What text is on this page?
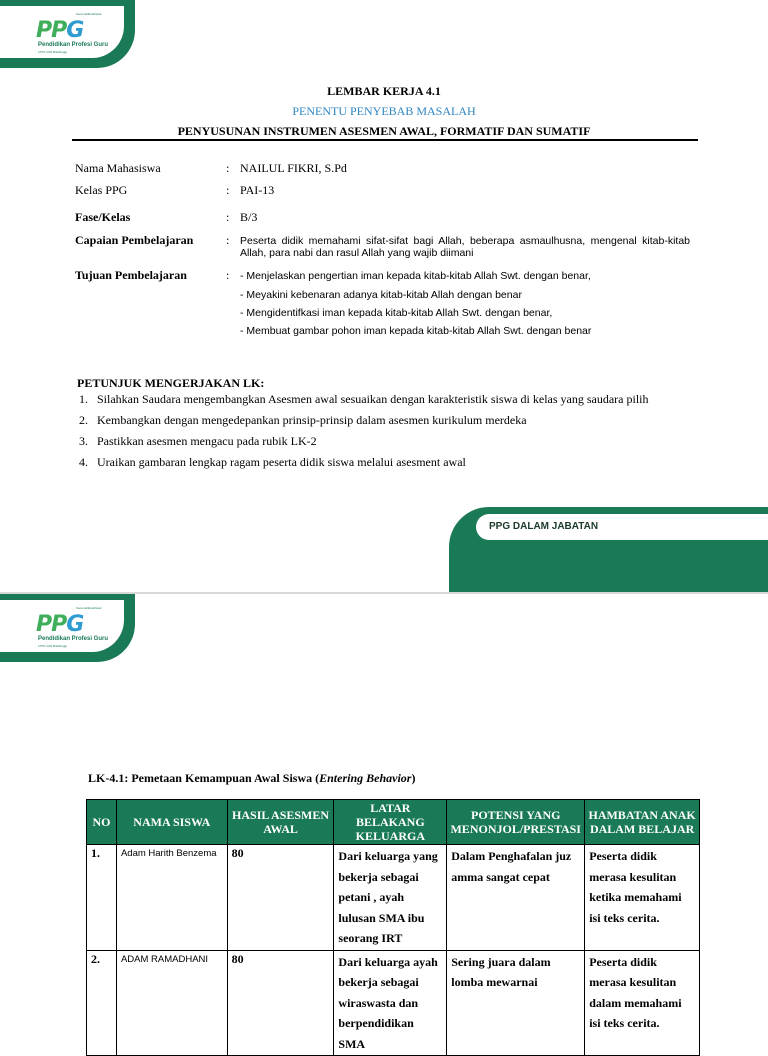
Kemendikbudristek
PPG
Pendidikan Profesi Guru
LPTK IAIN Bukittinggi
LEMBAR KERJA 4.1
PENENTU PENYEBAB MASALAH
PENYUSUNAN INSTRUMEN ASESMEN AWAL, FORMATIF DAN SUMATIF
Nama Mahasiswa	: NAILUL FIKRI, S.Pd
Kelas PPG	: PAI-13
Fase/Kelas	: B/3
Capaian Pembelajaran	: Peserta didik memahami sifat-sifat bagi Allah, beberapa asmaulhusna, mengenal kitab-kitab Allah, para nabi dan rasul Allah yang wajib diimani
Tujuan Pembelajaran	: - Menjelaskan pengertian iman kepada kitab-kitab Allah Swt. dengan benar,
- Meyakini kebenaran adanya kitab-kitab Allah dengan benar
- Mengidentifkasi iman kepada kitab-kitab Allah Swt. dengan benar,
- Membuat gambar pohon iman kepada kitab-kitab Allah Swt. dengan benar
PETUNJUK MENGERJAKAN LK:
1. Silahkan Saudara mengembangkan Asesmen awal sesuaikan dengan karakteristik siswa di kelas yang saudara pilih
2. Kembangkan dengan mengedepankan prinsip-prinsip dalam asesmen kurikulum merdeka
3. Pastikkan asesmen mengacu pada rubik LK-2
4. Uraikan gambaran lengkap ragam peserta didik siswa melalui asesment awal
PPG DALAM JABATAN
Kemendikbudristek
PPG
Pendidikan Profesi Guru
LPTK IAIN Bukittinggi
LK-4.1: Pemetaan Kemampuan Awal Siswa (Entering Behavior)
NO	NAMA SISWA	HASIL ASESMEN AWAL	LATAR BELAKANG KELUARGA	POTENSI YANG MENONJOL/PRESTASI	HAMBATAN ANAK DALAM BELAJAR
1.	Adam Harith Benzema	80	Dari keluarga yang bekerja sebagai petani , ayah lulusan SMA ibu seorang IRT	Dalam Penghafalan juz amma sangat cepat	Peserta didik merasa kesulitan ketika memahami isi teks cerita.
2.	ADAM RAMADHANI	80	Dari keluarga ayah bekerja sebagai wiraswasta dan berpendidikan SMA	Sering juara dalam lomba mewarnai	Peserta didik merasa kesulitan dalam memahami isi teks cerita.
